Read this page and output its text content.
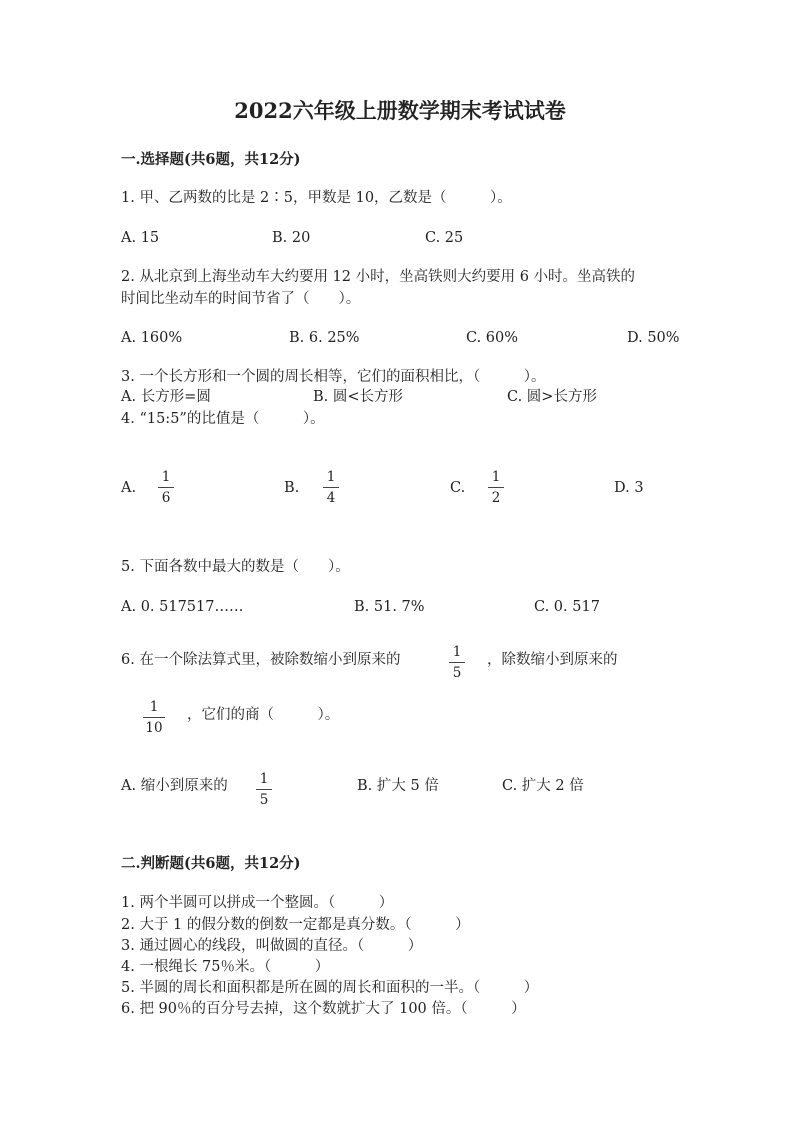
2022六年级上册数学期末考试试卷
一.选择题(共6题，共12分)
1. 甲、乙两数的比是 2∶5，甲数是 10，乙数是（　　　）。
A. 15	B. 20	C. 25
2. 从北京到上海坐动车大约要用 12 小时，坐高铁则大约要用 6 小时。坐高铁的
时间比坐动车的时间节省了（　　）。
A. 160%	B. 6. 25%	C. 60%	D. 50%
3. 一个长方形和一个圆的周长相等，它们的面积相比，（　　　）。
A. 长方形=圆	B. 圆<长方形	C. 圆>长方形
4. “15:5”的比值是（　　　）。
A.
1
6
B.
1
4
C.
1
2
D. 3
5. 下面各数中最大的数是（　　）。
A. 0. 517517……	B. 51. 7%	C. 0. 517
6. 在一个除法算式里，被除数缩小到原来的	1
5
，除数缩小到原来的
1
10
，它们的商（　　　）。
A. 缩小到原来的 1
5
B. 扩大 5 倍	C. 扩大 2 倍
二.判断题(共6题，共12分)
1. 两个半圆可以拼成一个整圆。（　　　）
2. 大于 1 的假分数的倒数一定都是真分数。（　　　）
3. 通过圆心的线段，叫做圆的直径。（　　　）
4. 一根绳长 75％米。（　　　）
5. 半圆的周长和面积都是所在圆的周长和面积的一半。（　　　）
6. 把 90％的百分号去掉，这个数就扩大了 100 倍。（　　　）
